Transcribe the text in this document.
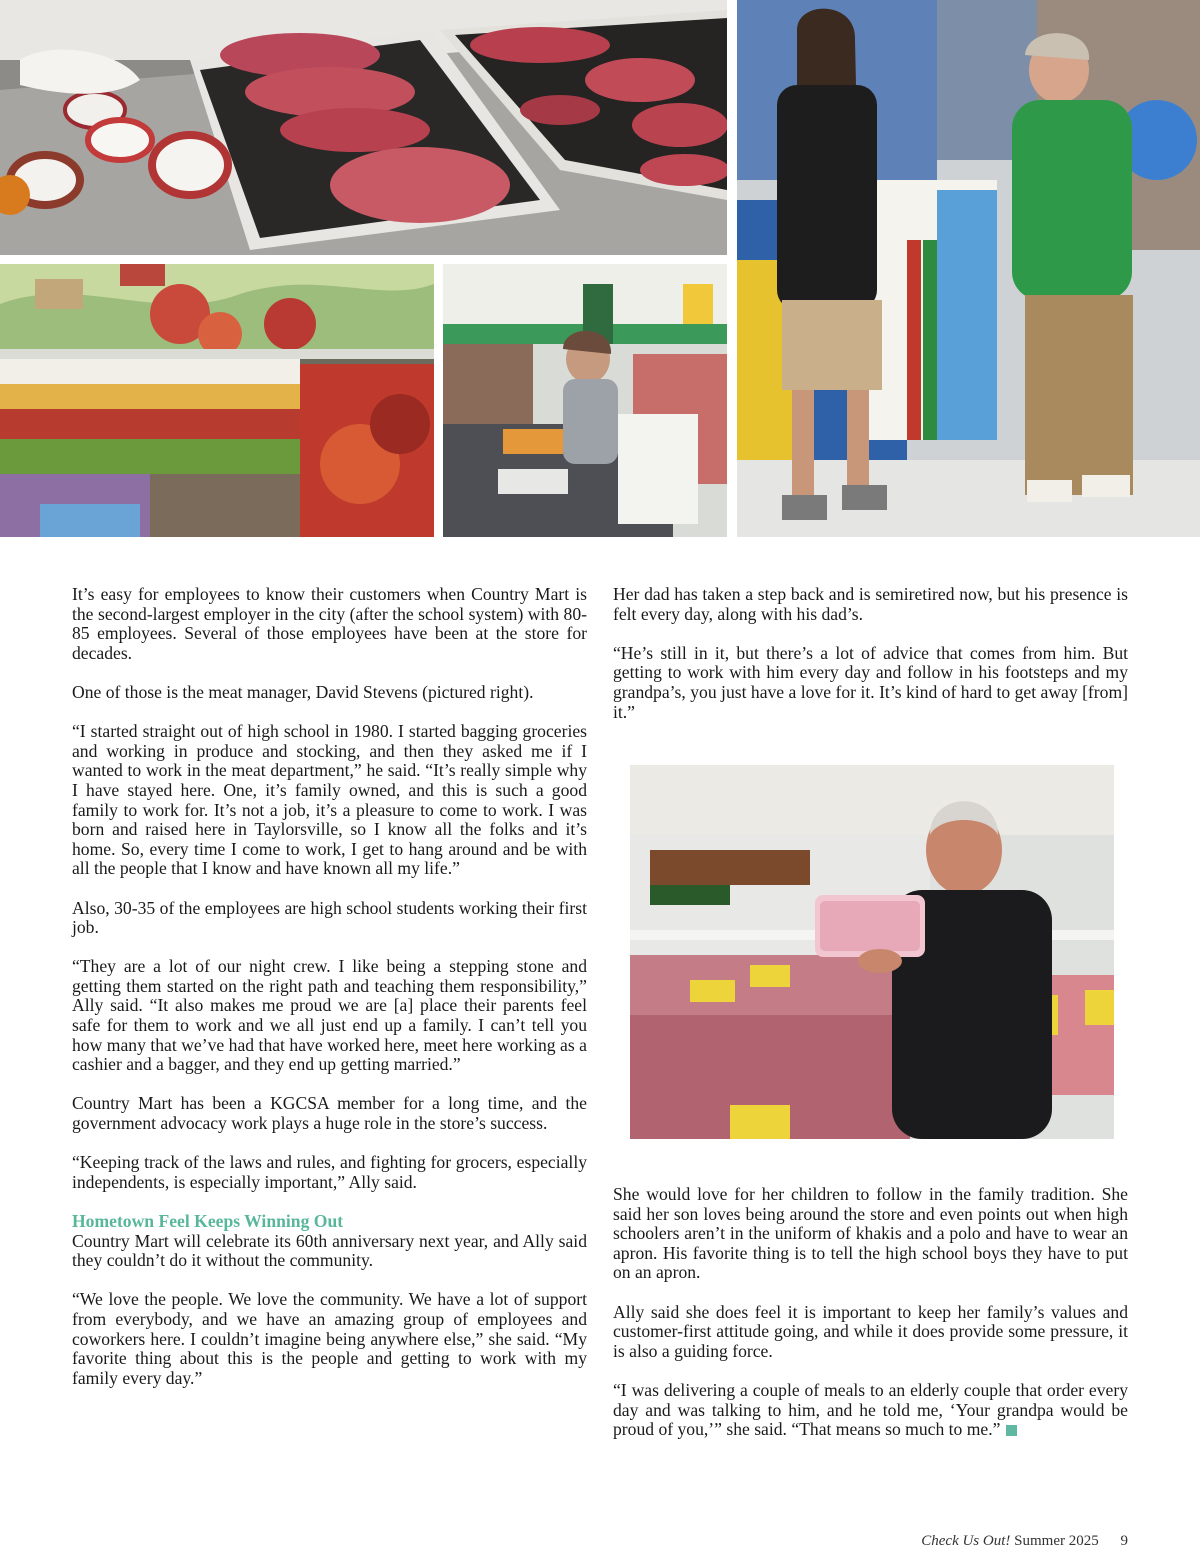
It’s easy for employees to know their customers when Country Mart is the second-largest employer in the city (after the school system) with 80-85 employees. Several of those employees have been at the store for decades.

One of those is the meat manager, David Stevens (pictured right).

“I started straight out of high school in 1980. I started bagging groceries and working in produce and stocking, and then they asked me if I wanted to work in the meat department,” he said. “It’s really simple why I have stayed here. One, it’s family owned, and this is such a good family to work for. It’s not a job, it’s a pleasure to come to work. I was born and raised here in Taylorsville, so I know all the folks and it’s home. So, every time I come to work, I get to hang around and be with all the people that I know and have known all my life.”

Also, 30-35 of the employees are high school students working their first job.

“They are a lot of our night crew. I like being a stepping stone and getting them started on the right path and teaching them responsibility,” Ally said. “It also makes me proud we are [a] place their parents feel safe for them to work and we all just end up a family. I can’t tell you how many that we’ve had that have worked here, meet here working as a cashier and a bagger, and they end up getting married.”

Country Mart has been a KGCSA member for a long time, and the government advocacy work plays a huge role in the store’s success.

“Keeping track of the laws and rules, and fighting for grocers, especially independents, is especially important,” Ally said.

Hometown Feel Keeps Winning Out

Country Mart will celebrate its 60th anniversary next year, and Ally said they couldn’t do it without the community.

“We love the people. We love the community. We have a lot of support from everybody, and we have an amazing group of employees and coworkers here. I couldn’t imagine being anywhere else,” she said. “My favorite thing about this is the people and getting to work with my family every day.”

Her dad has taken a step back and is semiretired now, but his presence is felt every day, along with his dad’s.

“He’s still in it, but there’s a lot of advice that comes from him. But getting to work with him every day and follow in his footsteps and my grandpa’s, you just have a love for it. It’s kind of hard to get away [from] it.”

She would love for her children to follow in the family tradition. She said her son loves being around the store and even points out when high schoolers aren’t in the uniform of khakis and a polo and have to wear an apron. His favorite thing is to tell the high school boys they have to put on an apron.

Ally said she does feel it is important to keep her family’s values and customer-first attitude going, and while it does provide some pressure, it is also a guiding force.

“I was delivering a couple of meals to an elderly couple that order every day and was talking to him, and he told me, ‘Your grandpa would be proud of you,’” she said. “That means so much to me.”

Check Us Out! Summer 2025 9
